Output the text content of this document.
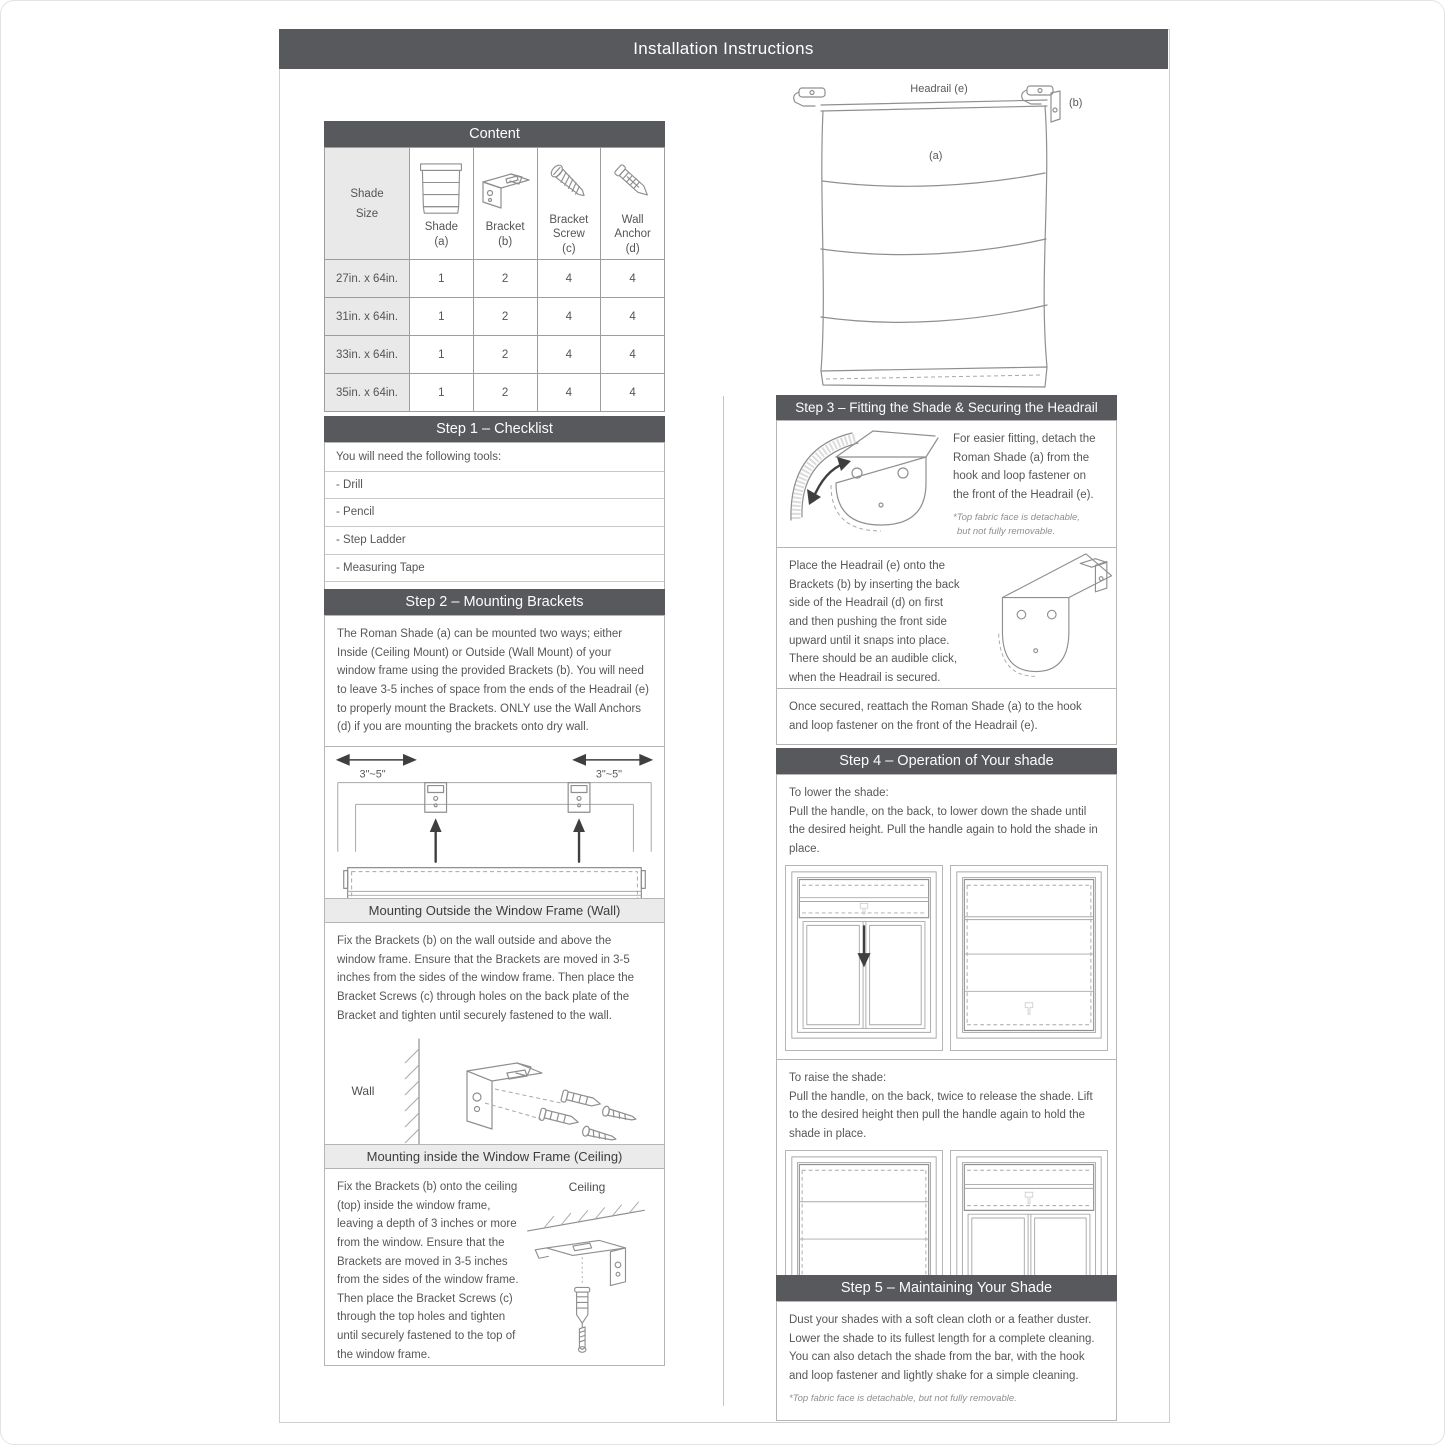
Installation Instructions
Content
Shade
Size

Shade
(a)

Bracket
(b)

Bracket Screw
(c)

Wall Anchor
(d)

27in. x 64in.	1	2	4	4
31in. x 64in.	1	2	4	4
33in. x 64in.	1	2	4	4
35in. x 64in.	1	2	4	4
Step 1 – Checklist
You will need the following tools:
- Drill
- Pencil
- Step Ladder
- Measuring Tape
Step 2 – Mounting Brackets
The Roman Shade (a) can be mounted two ways; either Inside (Ceiling Mount) or Outside (Wall Mount) of your window frame using the provided Brackets (b). You will need to leave 3-5 inches of space from the ends of the Headrail (e) to properly mount the Brackets. ONLY use the Wall Anchors (d) if you are mounting the brackets onto dry wall.
3"~5"	3"~5"
Mounting Outside the Window Frame (Wall)
Fix the Brackets (b) on the wall outside and above the window frame. Ensure that the Brackets are moved in 3-5 inches from the sides of the window frame. Then place the Bracket Screws (c) through holes on the back plate of the Bracket and tighten until securely fastened to the wall.
Wall
Mounting inside the Window Frame (Ceiling)
Fix the Brackets (b) onto the ceiling (top) inside the window frame, leaving a depth of 3 inches or more from the window. Ensure that the Brackets are moved in 3-5 inches from the sides of the window frame. Then place the Bracket Screws (c) through the top holes and tighten until securely fastened to the top of the window frame.
Ceiling
Headrail (e)
(b)
(a)
Step 3 – Fitting the Shade & Securing the Headrail
For easier fitting, detach the Roman Shade (a) from the hook and loop fastener on the front of the Headrail (e).
*Top fabric face is detachable,
but not fully removable.
Place the Headrail (e) onto the Brackets (b) by inserting the back side of the Headrail (d) on first and then pushing the front side upward until it snaps into place. There should be an audible click, when the Headrail is secured.
Once secured, reattach the Roman Shade (a) to the hook and loop fastener on the front of the Headrail (e).
Step 4 – Operation of Your shade
To lower the shade:
Pull the handle, on the back, to lower down the shade until the desired height. Pull the handle again to hold the shade in place.
To raise the shade:
Pull the handle, on the back, twice to release the shade. Lift to the desired height then pull the handle again to hold the shade in place.
Step 5 – Maintaining Your Shade
Dust your shades with a soft clean cloth or a feather duster. Lower the shade to its fullest length for a complete cleaning. You can also detach the shade from the bar, with the hook and loop fastener and lightly shake for a simple cleaning.
*Top fabric face is detachable, but not fully removable.
